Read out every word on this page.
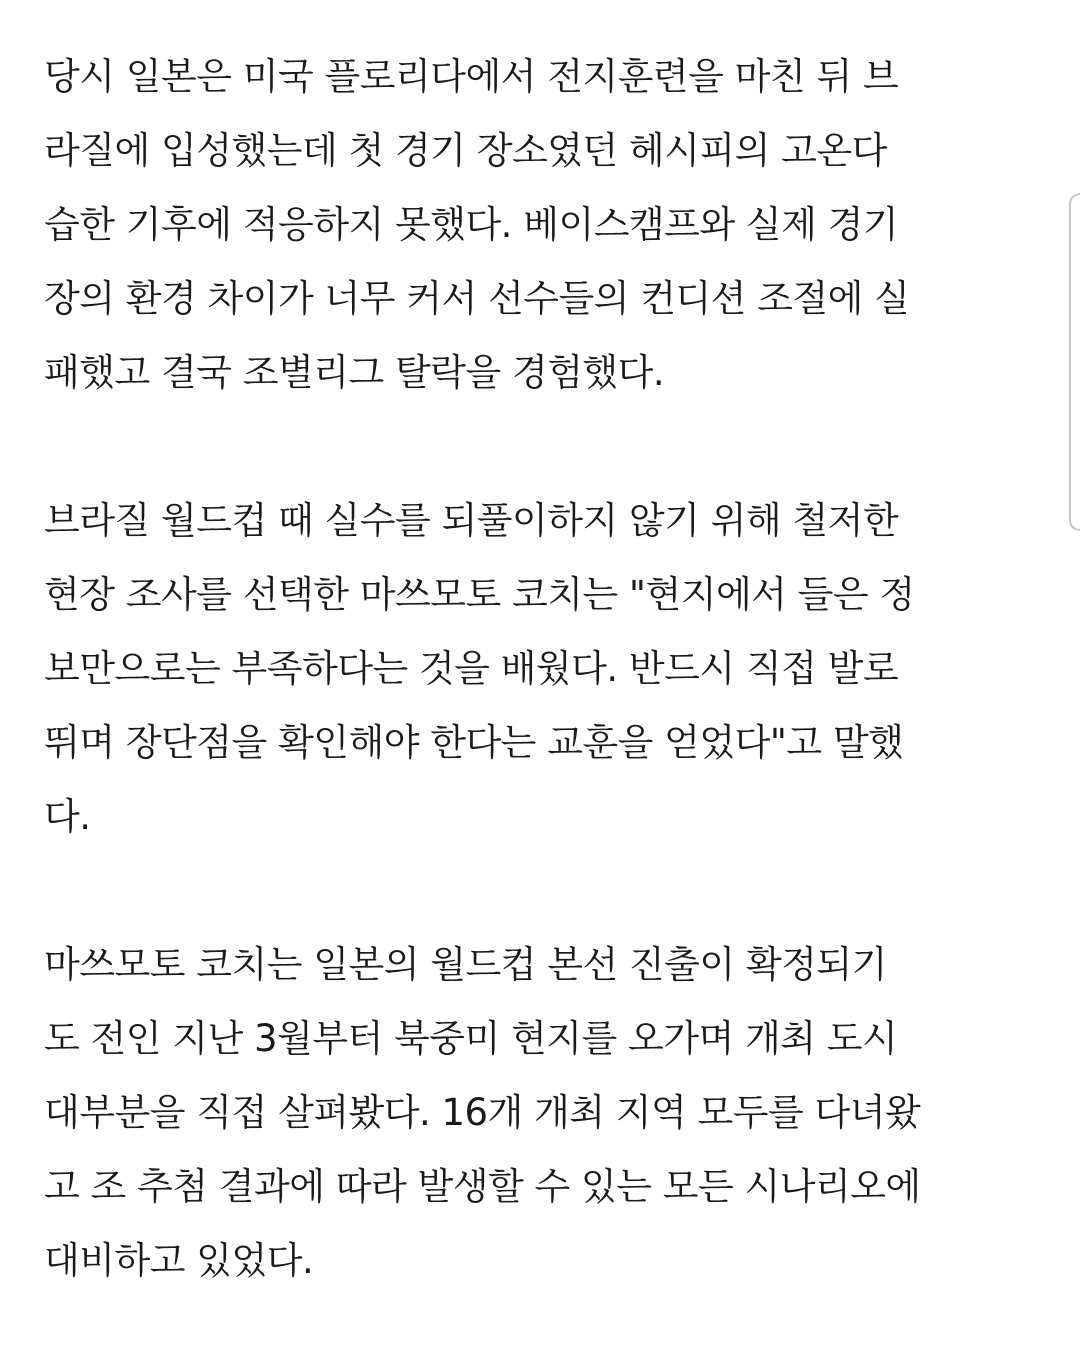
당시 일본은 미국 플로리다에서 전지훈련을 마친 뒤 브
라질에 입성했는데 첫 경기 장소였던 헤시피의 고온다
습한 기후에 적응하지 못했다. 베이스캠프와 실제 경기
장의 환경 차이가 너무 커서 선수들의 컨디션 조절에 실
패했고 결국 조별리그 탈락을 경험했다.
브라질 월드컵 때 실수를 되풀이하지 않기 위해 철저한
현장 조사를 선택한 마쓰모토 코치는 "현지에서 들은 정
보만으로는 부족하다는 것을 배웠다. 반드시 직접 발로
뛰며 장단점을 확인해야 한다는 교훈을 얻었다"고 말했
다.
마쓰모토 코치는 일본의 월드컵 본선 진출이 확정되기
도 전인 지난 3월부터 북중미 현지를 오가며 개최 도시
대부분을 직접 살펴봤다. 16개 개최 지역 모두를 다녀왔
고 조 추첨 결과에 따라 발생할 수 있는 모든 시나리오에
대비하고 있었다.
